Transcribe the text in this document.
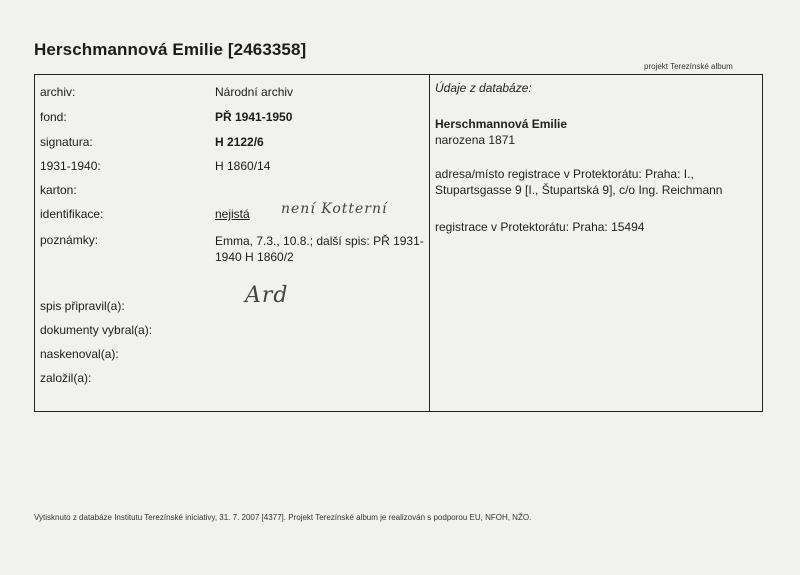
Herschmannová Emilie [2463358]
projekt Terezínské album
archiv:	Národní archiv
fond:	PŘ 1941-1950
signatura:	H 2122/6
1931-1940:	H 1860/14
karton:
identifikace:	nejistá není Kotterní
poznámky:	Emma, 7.3., 10.8.; další spis: PŘ 1931-1940 H 1860/2
spis připravil(a):	Ard
dokumenty vybral(a):
naskenoval(a):
založil(a):
Údaje z databáze:
Herschmannová Emilie
narozena 1871
adresa/místo registrace v Protektorátu: Praha: I., Stupartsgasse 9 [I., Štupartská 9], c/o Ing. Reichmann
registrace v Protektorátu: Praha: 15494
Vytisknuto z databáze Institutu Terezínské iniciativy, 31. 7. 2007 [4377]. Projekt Terezínské album je realizován s podporou EU, NFOH, NŽO.
